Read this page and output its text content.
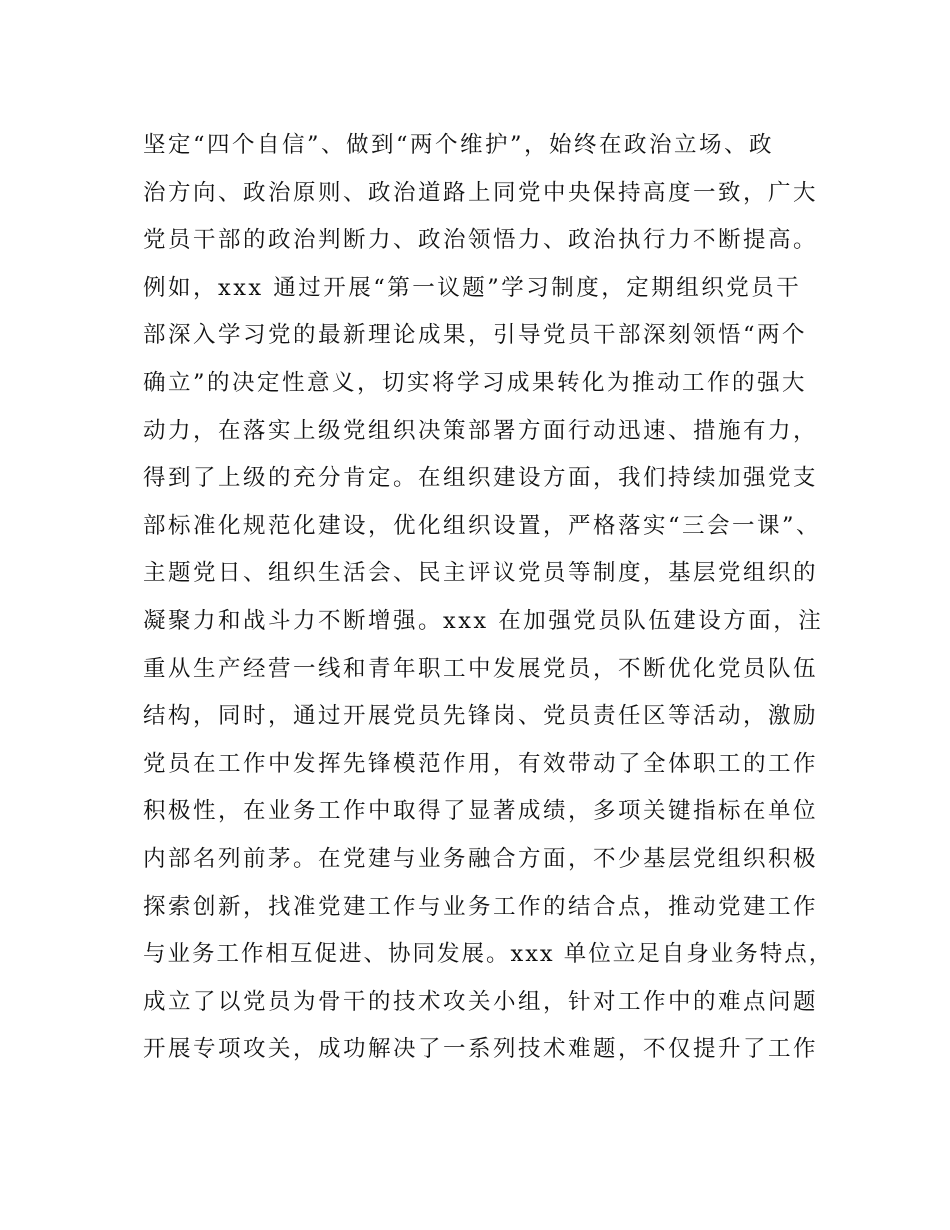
坚定“四个自信”、做到“两个维护”，始终在政治立场、政
治方向、政治原则、政治道路上同党中央保持高度一致，广大
党员干部的政治判断力、政治领悟力、政治执行力不断提高。
例如，xxx 通过开展“第一议题”学习制度，定期组织党员干
部深入学习党的最新理论成果，引导党员干部深刻领悟“两个
确立”的决定性意义，切实将学习成果转化为推动工作的强大
动力，在落实上级党组织决策部署方面行动迅速、措施有力，
得到了上级的充分肯定。在组织建设方面，我们持续加强党支
部标准化规范化建设，优化组织设置，严格落实“三会一课”、
主题党日、组织生活会、民主评议党员等制度，基层党组织的
凝聚力和战斗力不断增强。xxx 在加强党员队伍建设方面，注
重从生产经营一线和青年职工中发展党员，不断优化党员队伍
结构，同时，通过开展党员先锋岗、党员责任区等活动，激励
党员在工作中发挥先锋模范作用，有效带动了全体职工的工作
积极性，在业务工作中取得了显著成绩，多项关键指标在单位
内部名列前茅。在党建与业务融合方面，不少基层党组织积极
探索创新，找准党建工作与业务工作的结合点，推动党建工作
与业务工作相互促进、协同发展。xxx 单位立足自身业务特点，
成立了以党员为骨干的技术攻关小组，针对工作中的难点问题
开展专项攻关，成功解决了一系列技术难题，不仅提升了工作
